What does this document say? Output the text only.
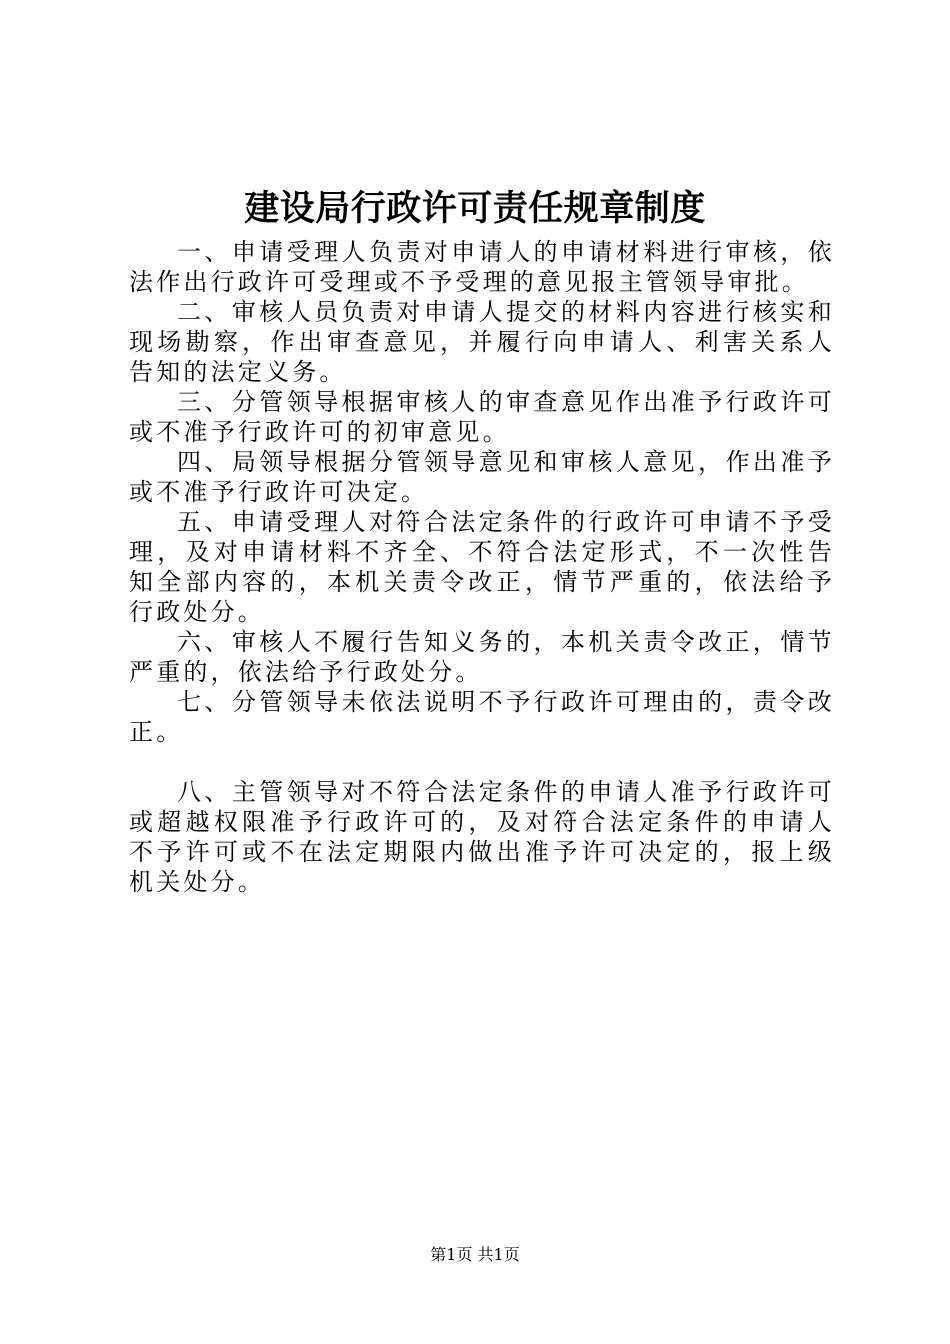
建设局行政许可责任规章制度

一、申请受理人负责对申请人的申请材料进行审核，依法作出行政许可受理或不予受理的意见报主管领导审批。

二、审核人员负责对申请人提交的材料内容进行核实和现场勘察，作出审查意见，并履行向申请人、利害关系人告知的法定义务。

三、分管领导根据审核人的审查意见作出准予行政许可或不准予行政许可的初审意见。

四、局领导根据分管领导意见和审核人意见，作出准予或不准予行政许可决定。

五、申请受理人对符合法定条件的行政许可申请不予受理，及对申请材料不齐全、不符合法定形式，不一次性告知全部内容的，本机关责令改正，情节严重的，依法给予行政处分。

六、审核人不履行告知义务的，本机关责令改正，情节严重的，依法给予行政处分。

七、分管领导未依法说明不予行政许可理由的，责令改正。

八、主管领导对不符合法定条件的申请人准予行政许可或超越权限准予行政许可的，及对符合法定条件的申请人不予许可或不在法定期限内做出准予许可决定的，报上级机关处分。

第1页 共1页
